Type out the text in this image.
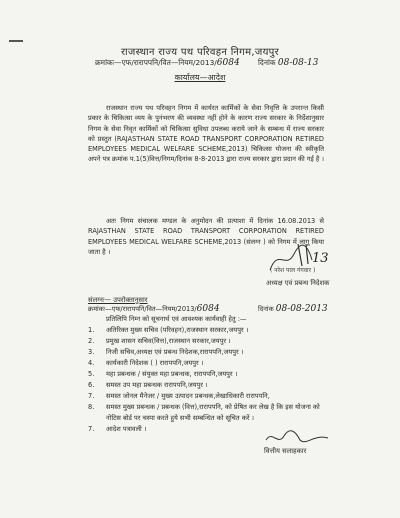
राजस्थान राज्य पथ परिवहन निगम,जयपुर
क्रमांकः—एफ/रारापपनि/वित—नियम/2013/6084 दिनांक 08-08-13
कार्यालय—आदेश
राजस्थान राज्य पथ परिवहन निगम में कार्यरत कार्मिकों के सेवा निवृत्ति के उपरान्त किसी प्रकार के चिकित्सा व्यय के पुनंभरण की व्यवस्था नहीं होने के कारण राज्य सरकार के निर्देशानुसार निगम के सेवा निवृत कार्मिकों को चिकित्सा सुविधा उपलब्ध कराये जाने के सम्बन्ध में राज्य सरकार को प्रस्तुत (RAJASTHAN STATE ROAD TRANSPORT CORPORATION RETIRED EMPLOYEES MEDICAL WELFARE SCHEME,2013) चिकित्सा योजना की स्वीकृति अपने पत्र क्रमांक प.1(5)वित्त/निगम/दिनांक 8-8-2013 द्वारा राज्य सरकार द्वारा प्रदान की गई है ।
अतः निगम संचालक मण्डल के अनुमोदन की प्रत्याशा में दिनांक 16.08.2013 से RAJASTHAN STATE ROAD TRANSPORT CORPORATION RETIRED EMPLOYEES MEDICAL WELFARE SCHEME,2013 (संलग्न ) को निगम में लागू किया जाता है ।	13
( नरेश पाल गंगवार )
अध्यक्ष एवं प्रबन्ध निदेशक
संलग्नः— उपरोक्तानुसार
क्रमांकः—एफ/रारापपनि/वित—नियम/2013/6084	दिनांक 08-08-2013
प्रतिलिपि निम्न को सूचनार्थ एवं आवश्यक कार्यवाही हेतु :—
1.	अतिरिक्त मुख्य सचिव (परिवहन),राजस्थान सरकार,जयपुर ।
2.	प्रमुख शासन सचिव(वित्त),राजस्थान सरकार,जयपुर ।
3.	निजी सचिव,अध्यक्ष एवं प्रबन्ध निदेशक,रारापपनि,जयपुर ।
4.	कार्यकारी निदेशक ( ) रारापपनि,जयपुर ।
5.	महा प्रबन्धक / संयुक्त महा प्रबन्धक, रारापपनि,जयपुर ।
6.	समस्त उप महा प्रबन्धक रारापपनि,जयपुर ।
7.	समस्त जोनल मैनेजर / मुख्य उत्पादन प्रबन्धक,लेखाधिकारी रारापपनि,
8.	समस्त मुख्य प्रबन्धक / प्रबन्धक (वित्त),रारापपनि, को प्रेषित कर लेख है कि इस योजना को नोटिस बोर्ड पर चस्पा करते हुये सभी सम्बन्धित को सूचित करें ।
7.	आदेश पत्रावली ।
वित्तीय सलाहकार
